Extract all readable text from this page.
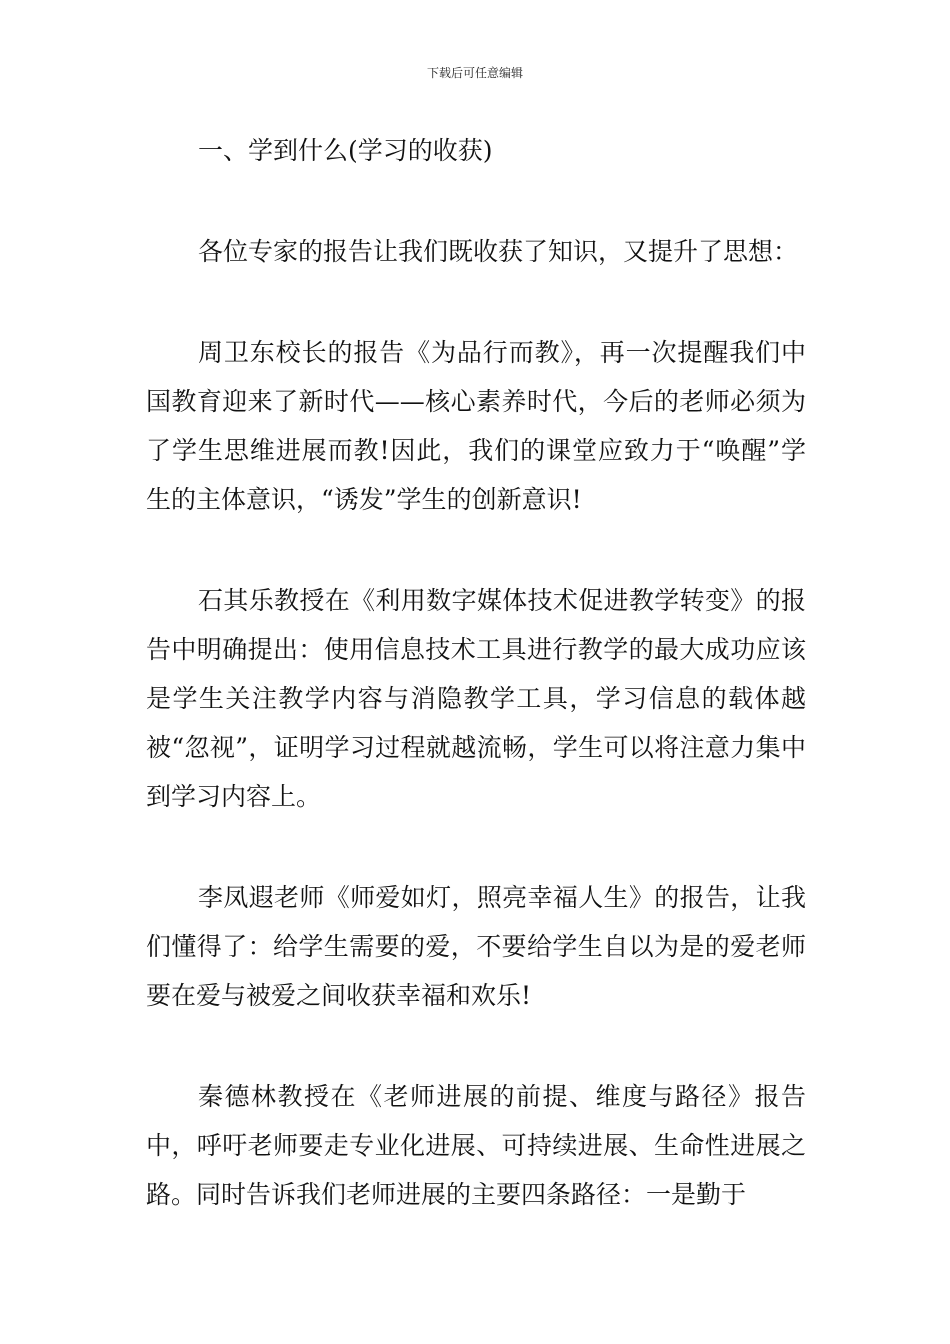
下载后可任意编辑
一、学到什么(学习的收获)

各位专家的报告让我们既收获了知识，又提升了思想：

周卫东校长的报告《为品行而教》，再一次提醒我们中国教育迎来了新时代——核心素养时代，今后的老师必须为了学生思维进展而教!因此，我们的课堂应致力于“唤醒”学生的主体意识，“诱发”学生的创新意识!

石其乐教授在《利用数字媒体技术促进教学转变》的报告中明确提出：使用信息技术工具进行教学的最大成功应该是学生关注教学内容与消隐教学工具，学习信息的载体越被“忽视”，证明学习过程就越流畅，学生可以将注意力集中到学习内容上。

李凤遐老师《师爱如灯，照亮幸福人生》的报告，让我们懂得了：给学生需要的爱，不要给学生自以为是的爱老师要在爱与被爱之间收获幸福和欢乐!

秦德林教授在《老师进展的前提、维度与路径》报告中，呼吁老师要走专业化进展、可持续进展、生命性进展之路。同时告诉我们老师进展的主要四条路径：一是勤于
